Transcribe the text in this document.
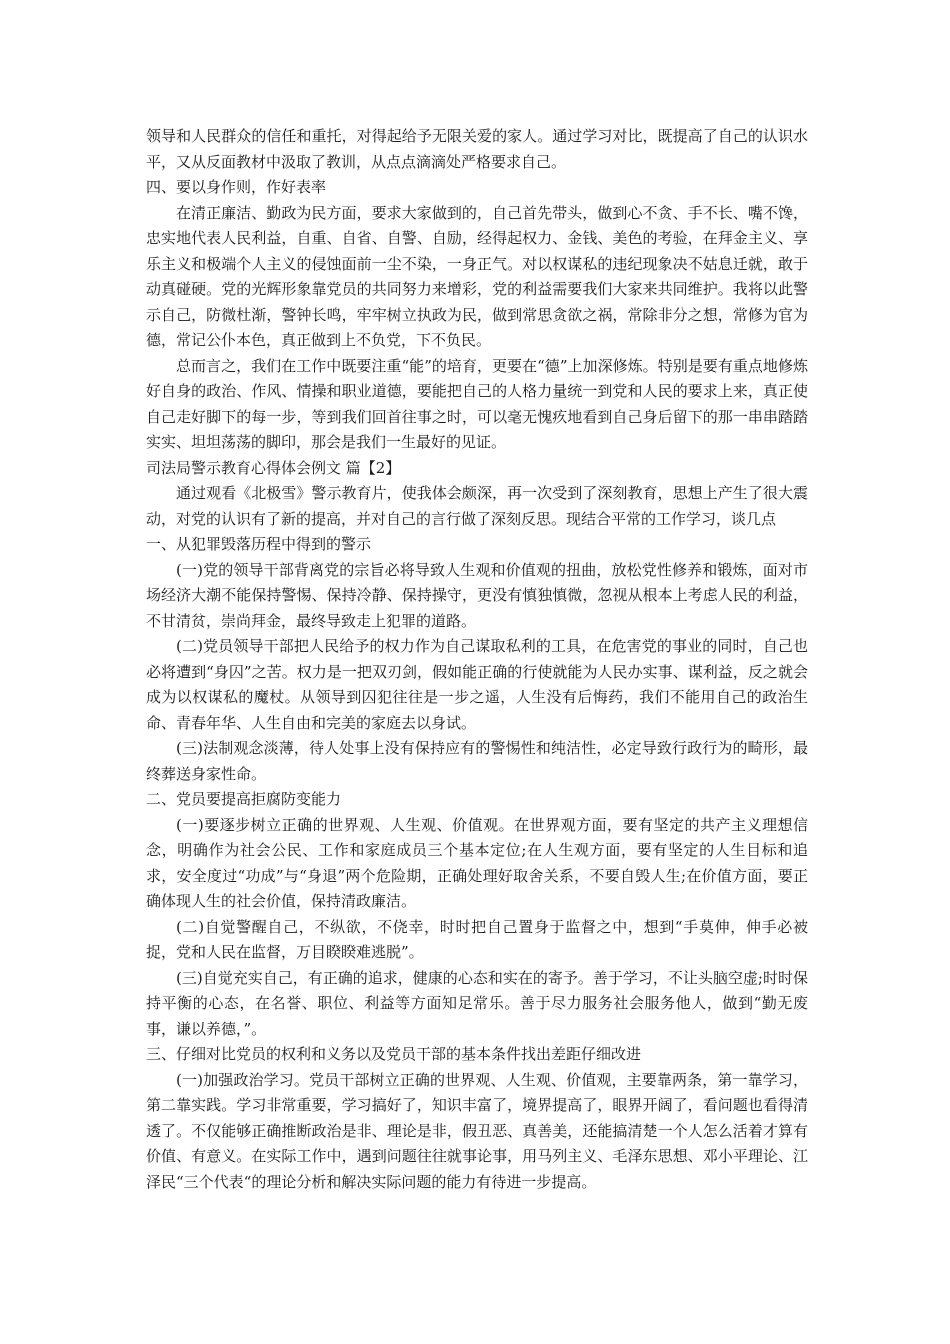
领导和人民群众的信任和重托，对得起给予无限关爱的家人。通过学习对比，既提高了自己的认识水平，又从反面教材中汲取了教训，从点点滴滴处严格要求自己。

四、要以身作则，作好表率

在清正廉洁、勤政为民方面，要求大家做到的，自己首先带头，做到心不贪、手不长、嘴不馋，忠实地代表人民利益，自重、自省、自警、自励，经得起权力、金钱、美色的考验，在拜金主义、享乐主义和极端个人主义的侵蚀面前一尘不染，一身正气。对以权谋私的违纪现象决不姑息迁就，敢于动真碰硬。党的光辉形象靠党员的共同努力来增彩，党的利益需要我们大家来共同维护。我将以此警示自己，防微杜渐，警钟长鸣，牢牢树立执政为民，做到常思贪欲之祸，常除非分之想，常修为官为德，常记公仆本色，真正做到上不负党，下不负民。

总而言之，我们在工作中既要注重“能”的培育，更要在“德”上加深修炼。特别是要有重点地修炼好自身的政治、作风、情操和职业道德，要能把自己的人格力量统一到党和人民的要求上来，真正使自己走好脚下的每一步，等到我们回首往事之时，可以毫无愧疚地看到自己身后留下的那一串串踏踏实实、坦坦荡荡的脚印，那会是我们一生最好的见证。

司法局警示教育心得体会例文 篇【2】

通过观看《北极雪》警示教育片，使我体会颇深，再一次受到了深刻教育，思想上产生了很大震动，对党的认识有了新的提高，并对自己的言行做了深刻反思。现结合平常的工作学习，谈几点

一、从犯罪毁落历程中得到的警示

(一)党的领导干部背离党的宗旨必将导致人生观和价值观的扭曲，放松党性修养和锻炼，面对市场经济大潮不能保持警惕、保持冷静、保持操守，更没有慎独慎微，忽视从根本上考虑人民的利益，不甘清贫，崇尚拜金，最终导致走上犯罪的道路。

(二)党员领导干部把人民给予的权力作为自己谋取私利的工具，在危害党的事业的同时，自己也必将遭到“身囚”之苦。权力是一把双刃剑，假如能正确的行使就能为人民办实事、谋利益，反之就会成为以权谋私的魔杖。从领导到囚犯往往是一步之遥，人生没有后悔药，我们不能用自己的政治生命、青春年华、人生自由和完美的家庭去以身试。

(三)法制观念淡薄，待人处事上没有保持应有的警惕性和纯洁性，必定导致行政行为的畸形，最终葬送身家性命。

二、党员要提高拒腐防变能力

(一)要逐步树立正确的世界观、人生观、价值观。在世界观方面，要有坚定的共产主义理想信念，明确作为社会公民、工作和家庭成员三个基本定位;在人生观方面，要有坚定的人生目标和追求，安全度过“功成”与“身退”两个危险期，正确处理好取舍关系，不要自毁人生;在价值方面，要正确体现人生的社会价值，保持清政廉洁。

(二)自觉警醒自己，不纵欲，不侥幸，时时把自己置身于监督之中，想到“手莫伸，伸手必被捉，党和人民在监督，万目睽睽难逃脱”。

(三)自觉充实自己，有正确的追求，健康的心态和实在的寄予。善于学习，不让头脑空虚;时时保持平衡的心态，在名誉、职位、利益等方面知足常乐。善于尽力服务社会服务他人，做到“勤无废事，谦以养德，”。

三、仔细对比党员的权利和义务以及党员干部的基本条件找出差距仔细改进

(一)加强政治学习。党员干部树立正确的世界观、人生观、价值观，主要靠两条，第一靠学习，第二靠实践。学习非常重要，学习搞好了，知识丰富了，境界提高了，眼界开阔了，看问题也看得清透了。不仅能够正确推断政治是非、理论是非，假丑恶、真善美，还能搞清楚一个人怎么活着才算有价值、有意义。在实际工作中，遇到问题往往就事论事，用马列主义、毛泽东思想、邓小平理论、江泽民“三个代表“的理论分析和解决实际问题的能力有待进一步提高。
